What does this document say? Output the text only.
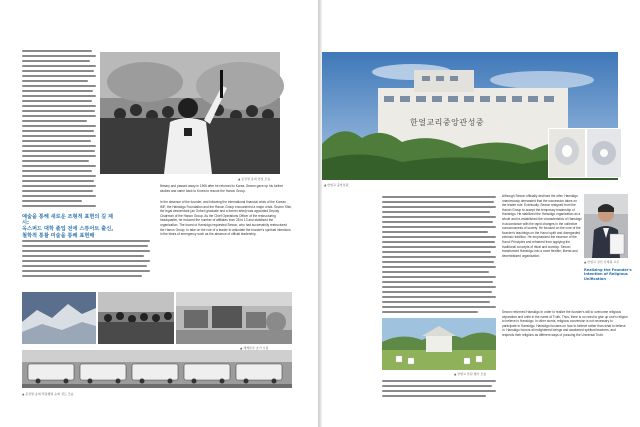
▲ 문선명 총재 연설 모습
ffrmary and passed away in 1906 after he returned to Korea. Sewon gave up his further studies and came back to Korea to rescue the Hanon Group.
예술을 통해 새로운 조형적 표현의 길 제시:
옥스퍼드 대학 졸업 전에 스튜어트 출신,
철학적 통찰 미술을 통해 표현해
In the absence of the founder, and following the international financial crisis of the Korean IMF, the Hansidgo Foundation and the Hanon Group encountered a major crisis. Sewon Shin, the legal descendant (an Oxford graduate and a former artist) was appointed Deputy Chairman of the Hanon Group. As the Chief Operations Officer of the restructuring headquarter, he reduced the number of affiliates from 28 to 13 and stabilized the organization. The board of Hansidgo requested Sewon, who had successfully restructured the Hanon Group, to take on the role of a leader to articulate the founder's spiritual intentions in the times of emergency such as the absence of official leadership.
▲ 세계본부 초기 시설
▲ 문선명 총재 차량행렬 순회 전도 모습
한얼교리중앙관성중
▲ 한얼교 중앙본원
Although Sewon officially declined the offer, Hansidgo unanimously demanded that the succession takes on the leader role. Eventually, Sewon resigned from the Hanon Group to accept the temporary leadership of Hansidgo. He stabilized the Hansidgo organization as a whole and re-established the characteristics of Hansidgo in accordance with the rapid changes in the collective consciousness of society. He focused on the core of the founder's teachings on the Hanol spirit and disregarded extrinsic tradition. He emphasized the essence of the Hanol Principles and refrained from applying the traditional concepts of ritual and worship. Sewon transformed Hansidgo into a more flexible, liberal and decentralized organization.
▲ 한얼교 성인 신세원 교주
Realizing the Founder's Intention of Religious Unification
▲ 한얼교 본원 행사 모습
Sewon reformed Hansidgo in order to realize the founder's will to overcome religious separation and unite in the name of Truth. Thus, there is no need to give up one's religion to believe in Hansidgo. In other words, religious conversion is not necessary to participate in Hansidgo. Hansidgo focuses on how to believe rather than what to believe in. Hansidgo honors all enlightened beings and awakened spiritual teachers, and respects their religions as different ways of pursuing the Universal Truth.
